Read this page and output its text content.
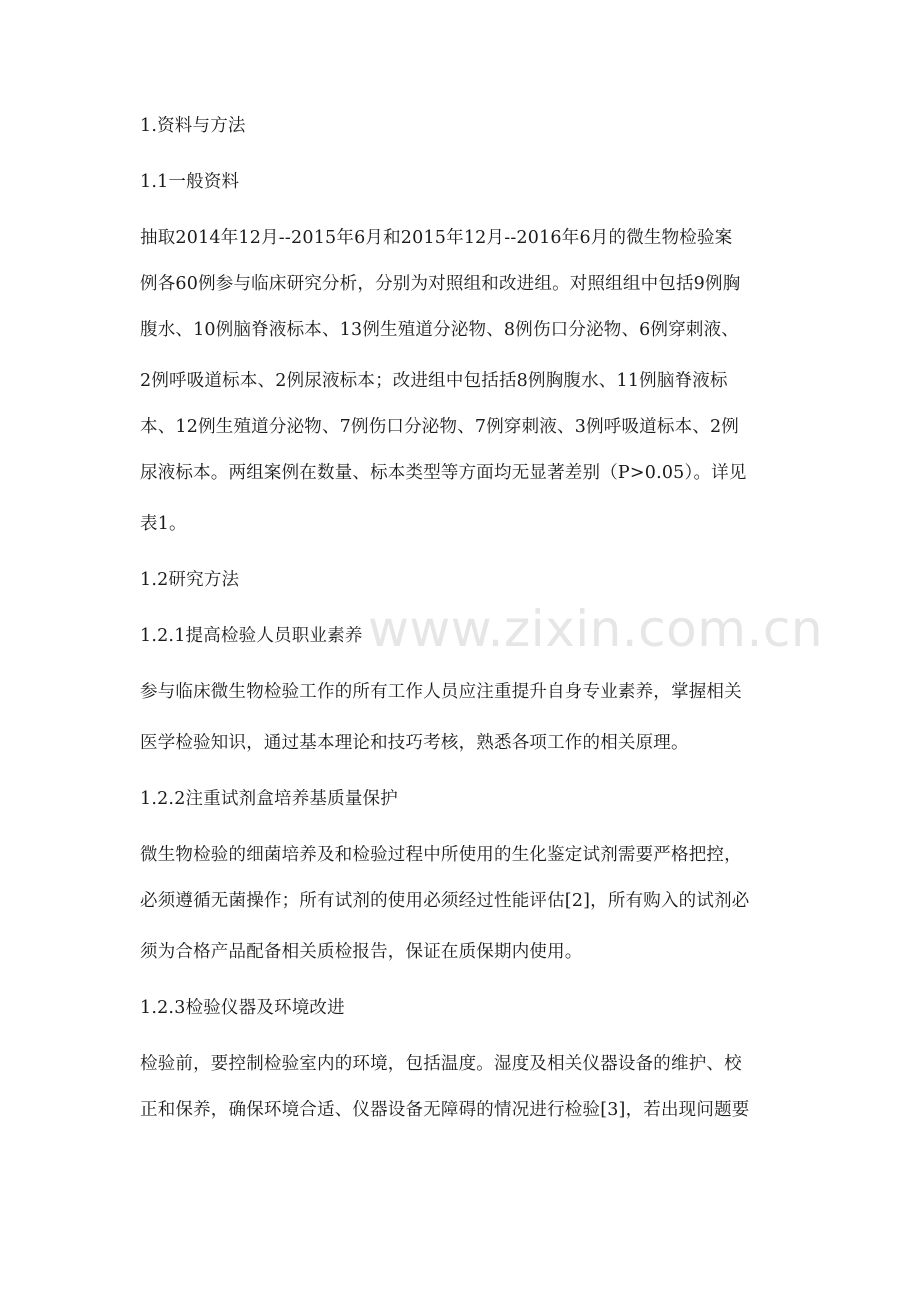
www.zixin.com.cn
1.资料与方法
1.1一般资料
抽取2014年12月--2015年6月和2015年12月--2016年6月的微生物检验案
例各60例参与临床研究分析，分别为对照组和改进组。对照组组中包括9例胸
腹水、10例脑脊液标本、13例生殖道分泌物、8例伤口分泌物、6例穿刺液、
2例呼吸道标本、2例尿液标本；改进组中包括括8例胸腹水、11例脑脊液标
本、12例生殖道分泌物、7例伤口分泌物、7例穿刺液、3例呼吸道标本、2例
尿液标本。两组案例在数量、标本类型等方面均无显著差别（P>0.05）。详见
表1。
1.2研究方法
1.2.1提高检验人员职业素养
参与临床微生物检验工作的所有工作人员应注重提升自身专业素养，掌握相关
医学检验知识，通过基本理论和技巧考核，熟悉各项工作的相关原理。
1.2.2注重试剂盒培养基质量保护
微生物检验的细菌培养及和检验过程中所使用的生化鉴定试剂需要严格把控，
必须遵循无菌操作；所有试剂的使用必须经过性能评估[2]，所有购入的试剂必
须为合格产品配备相关质检报告，保证在质保期内使用。
1.2.3检验仪器及环境改进
检验前，要控制检验室内的环境，包括温度。湿度及相关仪器设备的维护、校
正和保养，确保环境合适、仪器设备无障碍的情况进行检验[3]，若出现问题要
